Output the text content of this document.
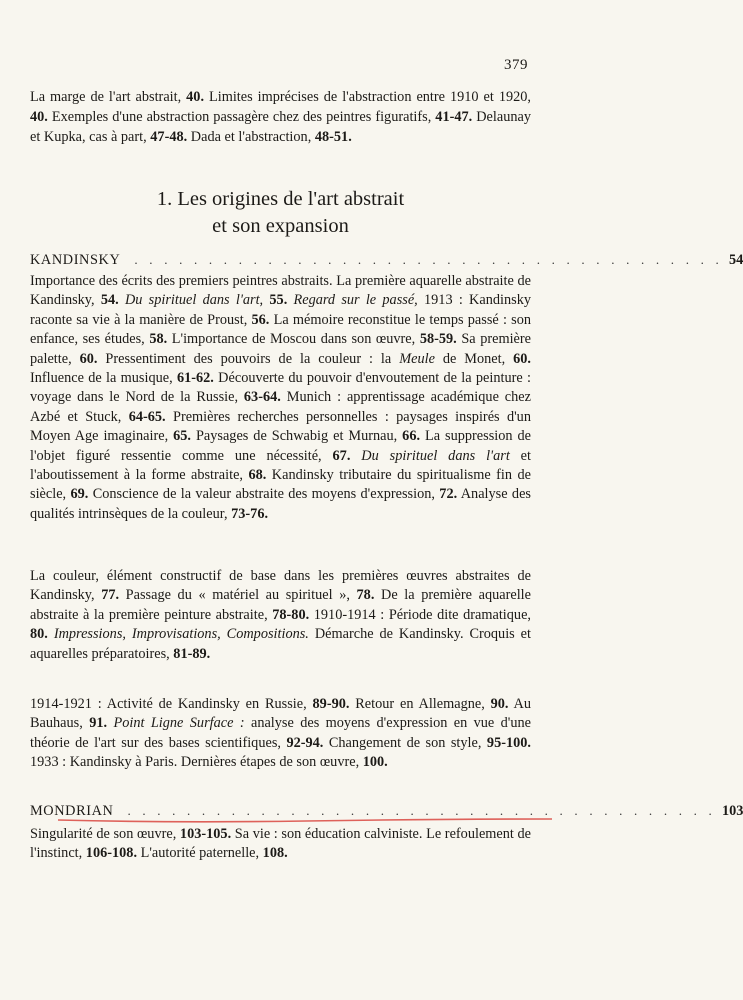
379
La marge de l'art abstrait, 40. Limites imprécises de l'abstraction entre 1910 et 1920, 40. Exemples d'une abstraction passagère chez des peintres figuratifs, 41-47. Delaunay et Kupka, cas à part, 47-48. Dada et l'abstraction, 48-51.
1. Les origines de l'art abstrait
et son expansion
KANDINSKY . . . . . . . . . . . . . . . . . . . . . . . . . . . . . . . . . . . . . . . . 54
Importance des écrits des premiers peintres abstraits. La première aquarelle abstraite de Kandinsky, 54. Du spirituel dans l'art, 55. Regard sur le passé, 1913 : Kandinsky raconte sa vie à la manière de Proust, 56. La mémoire reconstitue le temps passé : son enfance, ses études, 58. L'importance de Moscou dans son œuvre, 58-59. Sa première palette, 60. Pressentiment des pouvoirs de la couleur : la Meule de Monet, 60. Influence de la musique, 61-62. Découverte du pouvoir d'envoutement de la peinture : voyage dans le Nord de la Russie, 63-64. Munich : apprentissage académique chez Azbé et Stuck, 64-65. Premières recherches personnelles : paysages inspirés d'un Moyen Age imaginaire, 65. Paysages de Schwabig et Murnau, 66. La suppression de l'objet figuré ressentie comme une nécessité, 67. Du spirituel dans l'art et l'aboutissement à la forme abstraite, 68. Kandinsky tributaire du spiritualisme fin de siècle, 69. Conscience de la valeur abstraite des moyens d'expression, 72. Analyse des qualités intrinsèques de la couleur, 73-76.
La couleur, élément constructif de base dans les premières œuvres abstraites de Kandinsky, 77. Passage du « matériel au spirituel », 78. De la première aquarelle abstraite à la première peinture abstraite, 78-80. 1910-1914 : Période dite dramatique, 80. Impressions, Improvisations, Compositions. Démarche de Kandinsky. Croquis et aquarelles préparatoires, 81-89.
1914-1921 : Activité de Kandinsky en Russie, 89-90. Retour en Allemagne, 90. Au Bauhaus, 91. Point Ligne Surface : analyse des moyens d'expression en vue d'une théorie de l'art sur des bases scientifiques, 92-94. Changement de son style, 95-100. 1933 : Kandinsky à Paris. Dernières étapes de son œuvre, 100.
MONDRIAN . . . . . . . . . . . . . . . . . . . . . . . . . . . . . . . . . . . . . . . . 103
Singularité de son œuvre, 103-105. Sa vie : son éducation calviniste. Le refoulement de l'instinct, 106-108. L'autorité paternelle, 108.
